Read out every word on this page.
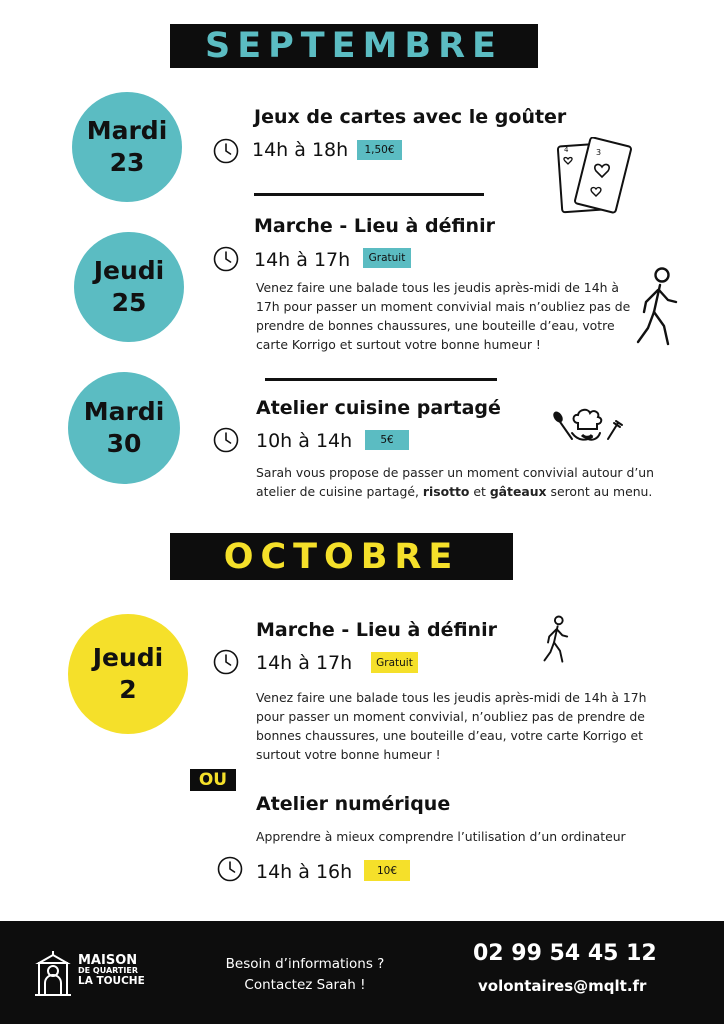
SEPTEMBRE
Mardi
23
Jeux de cartes avec le goûter
14h à 18h	1,50€	3
4
Marche - Lieu à définir
14h à 17h	Gratuit
Jeudi
25
Venez faire une balade tous les jeudis après-midi de 14h à 17h pour passer un moment convivial mais n’oubliez pas de prendre de bonnes chaussures, une bouteille d’eau, votre carte Korrigo et surtout votre bonne humeur !
Mardi
30
Atelier cuisine partagé
10h à 14h	5€
Sarah vous propose de passer un moment convivial autour d’un atelier de cuisine partagé, risotto et gâteaux seront au menu.
OCTOBRE
Jeudi
2
Marche - Lieu à définir
14h à 17h	Gratuit
Venez faire une balade tous les jeudis après-midi de 14h à 17h pour passer un moment convivial, n’oubliez pas de prendre de bonnes chaussures, une bouteille d’eau, votre carte Korrigo et surtout votre bonne humeur !
OU
Atelier numérique
Apprendre à mieux comprendre l’utilisation d’un ordinateur
14h à 16h	10€
MAISON
DE QUARTIER
LA TOUCHE
Besoin d’informations ?
Contactez Sarah !
02 99 54 45 12
volontaires@mqlt.fr
